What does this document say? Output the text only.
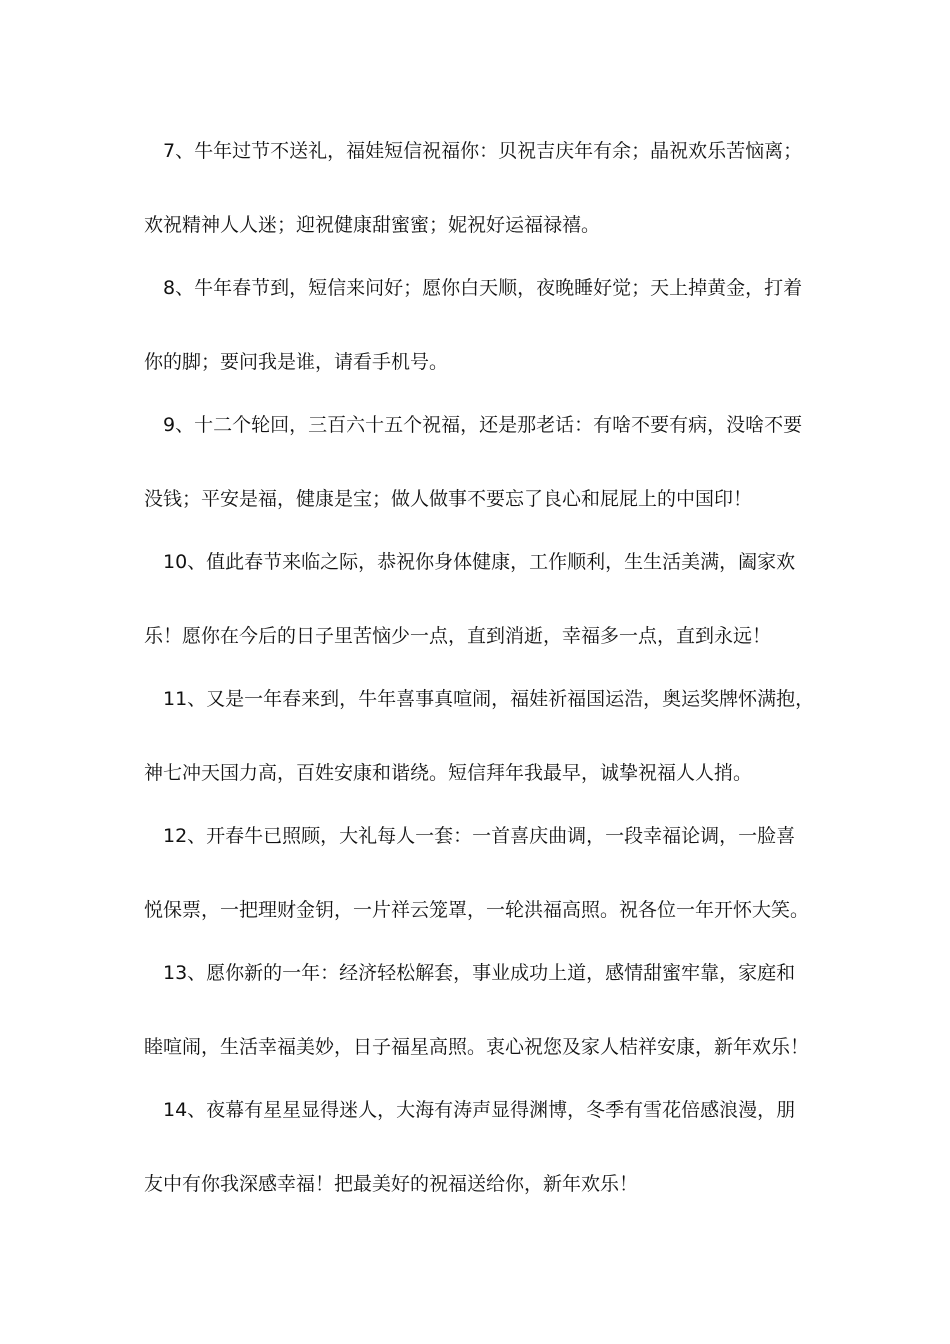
7、牛年过节不送礼，福娃短信祝福你：贝祝吉庆年有余；晶祝欢乐苦恼离；
欢祝精神人人迷；迎祝健康甜蜜蜜；妮祝好运福禄禧。
8、牛年春节到，短信来问好；愿你白天顺，夜晚睡好觉；天上掉黄金，打着
你的脚；要问我是谁，请看手机号。
9、十二个轮回，三百六十五个祝福，还是那老话：有啥不要有病，没啥不要
没钱；平安是福，健康是宝；做人做事不要忘了良心和屁屁上的中国印！
10、值此春节来临之际，恭祝你身体健康，工作顺利，生生活美满，阖家欢
乐！愿你在今后的日子里苦恼少一点，直到消逝，幸福多一点，直到永远！
11、又是一年春来到，牛年喜事真喧闹，福娃祈福国运浩，奥运奖牌怀满抱，
神七冲天国力高，百姓安康和谐绕。短信拜年我最早，诚挚祝福人人捎。
12、开春牛已照顾，大礼每人一套：一首喜庆曲调，一段幸福论调，一脸喜
悦保票，一把理财金钥，一片祥云笼罩，一轮洪福高照。祝各位一年开怀大笑。
13、愿你新的一年：经济轻松解套，事业成功上道，感情甜蜜牢靠，家庭和
睦喧闹，生活幸福美妙，日子福星高照。衷心祝您及家人桔祥安康，新年欢乐！
14、夜幕有星星显得迷人，大海有涛声显得渊博，冬季有雪花倍感浪漫，朋
友中有你我深感幸福！把最美好的祝福送给你，新年欢乐！
